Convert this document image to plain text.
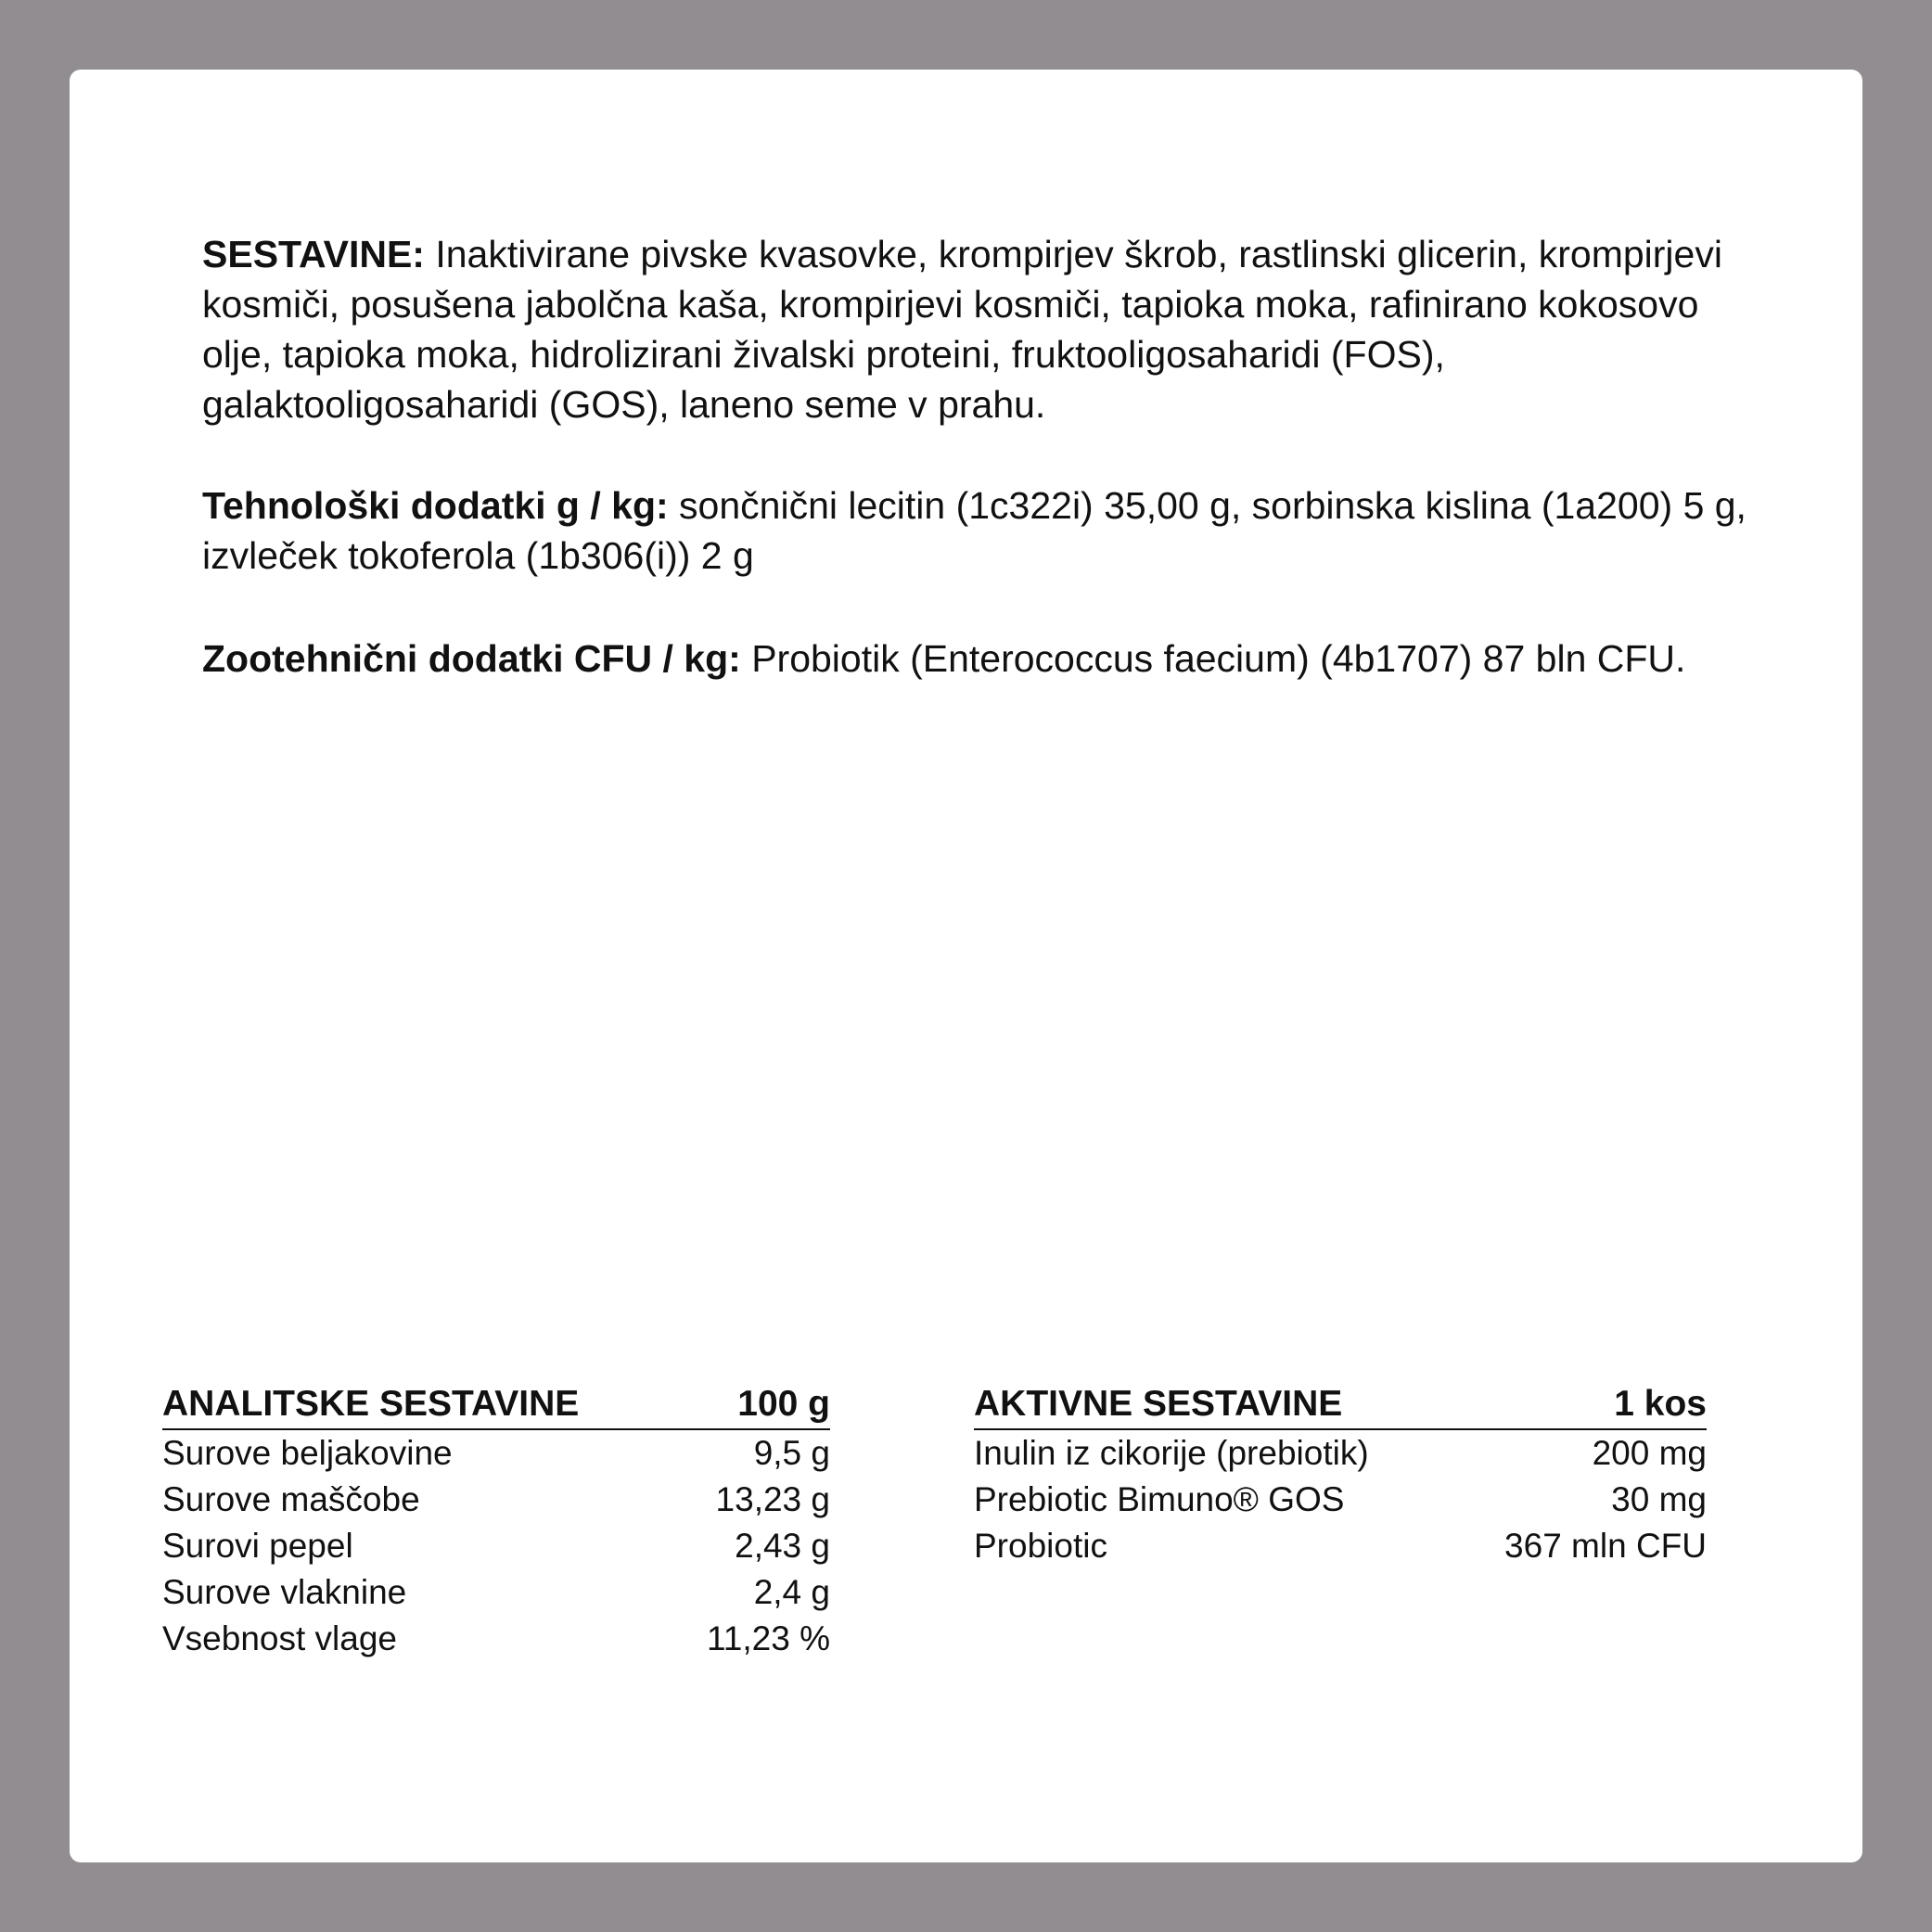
SESTAVINE: Inaktivirane pivske kvasovke, krompirjev škrob, rastlinski glicerin, krompirjevi kosmiči, posušena jabolčna kaša, krompirjevi kosmiči, tapioka moka, rafinirano kokosovo olje, tapioka moka, hidrolizirani živalski proteini, fruktooligosaharidi (FOS), galaktooligosaharidi (GOS), laneno seme v prahu.

Tehnološki dodatki g / kg: sončnični lecitin (1c322i) 35,00 g, sorbinska kislina (1a200) 5 g, izvleček tokoferola (1b306(i)) 2 g

Zootehnični dodatki CFU / kg: Probiotik (Enterococcus faecium) (4b1707) 87 bln CFU.

ANALITSKE SESTAVINE	100 g
Surove beljakovine	9,5 g
Surove maščobe	13,23 g
Surovi pepel	2,43 g
Surove vlaknine	2,4 g
Vsebnost vlage	11,23 %
AKTIVNE SESTAVINE	1 kos
Inulin iz cikorije (prebiotik)	200 mg
Prebiotic Bimuno® GOS	30 mg
Probiotic	367 mln CFU
